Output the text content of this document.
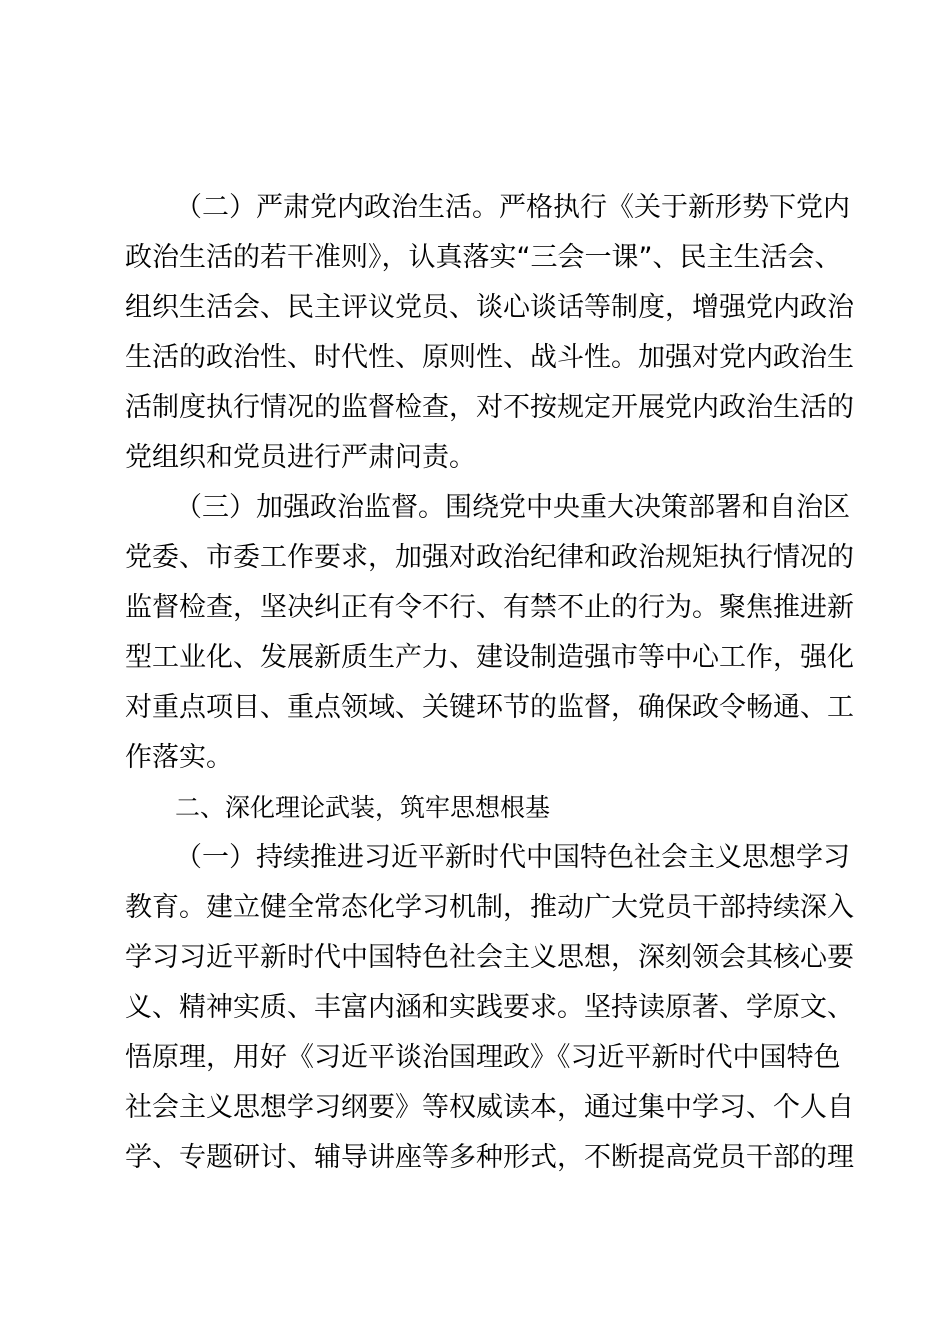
（二）严肃党内政治生活。严格执行《关于新形势下党内
政治生活的若干准则》，认真落实“三会一课”、民主生活会、
组织生活会、民主评议党员、谈心谈话等制度，增强党内政治
生活的政治性、时代性、原则性、战斗性。加强对党内政治生
活制度执行情况的监督检查，对不按规定开展党内政治生活的
党组织和党员进行严肃问责。
（三）加强政治监督。围绕党中央重大决策部署和自治区
党委、市委工作要求，加强对政治纪律和政治规矩执行情况的
监督检查，坚决纠正有令不行、有禁不止的行为。聚焦推进新
型工业化、发展新质生产力、建设制造强市等中心工作，强化
对重点项目、重点领域、关键环节的监督，确保政令畅通、工
作落实。
二、深化理论武装，筑牢思想根基
（一）持续推进习近平新时代中国特色社会主义思想学习
教育。建立健全常态化学习机制，推动广大党员干部持续深入
学习习近平新时代中国特色社会主义思想，深刻领会其核心要
义、精神实质、丰富内涵和实践要求。坚持读原著、学原文、
悟原理，用好《习近平谈治国理政》《习近平新时代中国特色
社会主义思想学习纲要》等权威读本，通过集中学习、个人自
学、专题研讨、辅导讲座等多种形式，不断提高党员干部的理
